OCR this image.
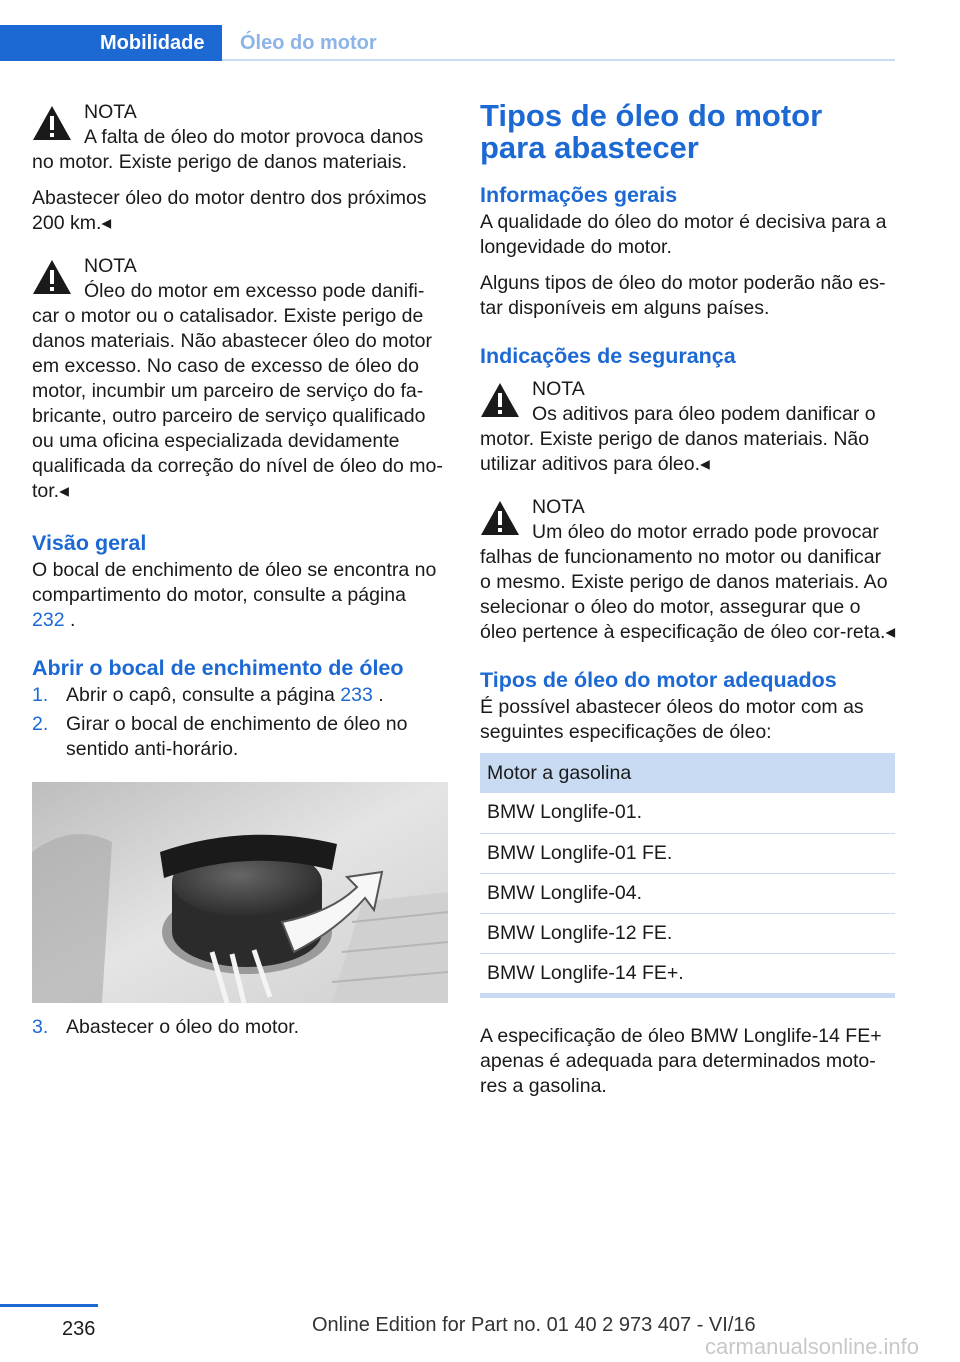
Mobilidade	Óleo do motor
NOTA
A falta de óleo do motor provoca danos

no motor. Existe perigo de danos materiais.

Abastecer óleo do motor dentro dos próximos 200 km.◂

NOTA
Óleo do motor em excesso pode danifi-

car o motor ou o catalisador. Existe perigo de danos materiais. Não abastecer óleo do motor em excesso. No caso de excesso de óleo do motor, incumbir um parceiro de serviço do fa-bricante, outro parceiro de serviço qualificado ou uma oficina especializada devidamente qualificada da correção do nível de óleo do mo-tor.◂

Visão geral

O bocal de enchimento de óleo se encontra no compartimento do motor, consulte a página
232 .

Abrir o bocal de enchimento de óleo
1. Abrir o capô, consulte a página 233 .
2. Girar o bocal de enchimento de óleo no sentido anti-horário.
3. Abastecer o óleo do motor.
Tipos de óleo do motor para abastecer
Informações gerais

A qualidade do óleo do motor é decisiva para a longevidade do motor.

Alguns tipos de óleo do motor poderão não es-tar disponíveis em alguns países.

Indicações de segurança
NOTA
Os aditivos para óleo podem danificar o

motor. Existe perigo de danos materiais. Não utilizar aditivos para óleo.◂

NOTA
Um óleo do motor errado pode provocar

falhas de funcionamento no motor ou danificar o mesmo. Existe perigo de danos materiais. Ao selecionar o óleo do motor, assegurar que o óleo pertence à especificação de óleo cor-reta.◂

Tipos de óleo do motor adequados

É possível abastecer óleos do motor com as seguintes especificações de óleo:

Motor a gasolina
BMW Longlife-01.
BMW Longlife-01 FE.
BMW Longlife-04.
BMW Longlife-12 FE.
BMW Longlife-14 FE+.

A especificação de óleo BMW Longlife-14 FE+ apenas é adequada para determinados moto-res a gasolina.

236	Online Edition for Part no. 01 40 2 973 407 - VI/16
carmanualsonline.info
